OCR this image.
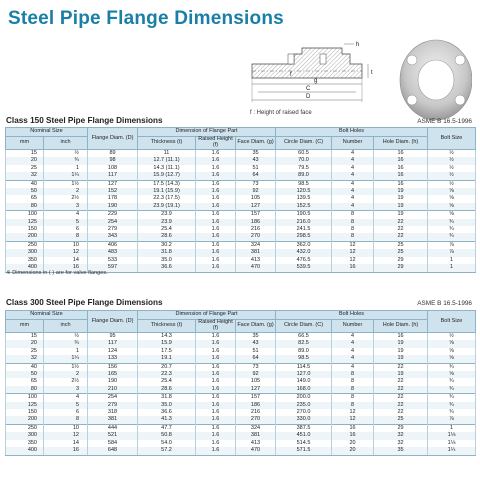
Steel Pipe Flange Dimensions
f
g
C
D
t
h
f : Height of raised face
Class 150 Steel Pipe Flange Dimensions	ASME B 16.5-1996
Nominal Size		Flange Diam. (D)	Dimension of Flange Part			Bolt Holes			Bolt Size
mm	inch		Thickness (t)	Raised Height (f)	Face Diam. (g)	Circle Diam. (C)	Number	Hole Diam. (h)	
15	½	89	11	1.6	35	60.5	4	16	½
20	¾	98	12.7 (11.1)	1.6	43	70.0	4	16	½
25	1	108	14.3 (11.1)	1.6	51	79.5	4	16	½
32	1¼	117	15.9 (12.7)	1.6	64	89.0	4	16	½
40	1½	127	17.5 (14.3)	1.6	73	98.5	4	16	½
50	2	152	19.1 (15.9)	1.6	92	120.5	4	19	⅝
65	2½	178	22.3 (17.5)	1.6	105	139.5	4	19	⅝
80	3	190	23.9 (19.1)	1.6	127	152.5	4	19	⅝
100	4	229	23.9	1.6	157	190.5	8	19	⅝
125	5	254	23.9	1.6	186	216.0	8	22	¾
150	6	279	25.4	1.6	216	241.5	8	22	¾
200	8	343	28.6	1.6	270	298.5	8	22	¾
250	10	406	30.2	1.6	324	362.0	12	25	⅞
300	12	483	31.8	1.6	381	432.0	12	25	⅞
350	14	533	35.0	1.6	413	476.5	12	29	1
400	16	597	36.6	1.6	470	539.5	16	29	1
※ Dimensions in ( ) are for valve flanges.
Class 300 Steel Pipe Flange Dimensions	ASME B 16.5-1996
Nominal Size		Flange Diam. (D)	Dimension of Flange Part			Bolt Holes			Bolt Size
mm	inch		Thickness (t)	Raised Height (f)	Face Diam. (g)	Circle Diam. (C)	Number	Hole Diam. (h)	
15	½	95	14.3	1.6	35	66.5	4	16	½
20	¾	117	15.9	1.6	43	82.5	4	19	⅝
25	1	124	17.5	1.6	51	89.0	4	19	⅝
32	1¼	133	19.1	1.6	64	98.5	4	19	⅝
40	1½	156	20.7	1.6	73	114.5	4	22	¾
50	2	165	22.3	1.6	92	127.0	8	19	⅝
65	2½	190	25.4	1.6	105	149.0	8	22	¾
80	3	210	28.6	1.6	127	168.0	8	22	¾
100	4	254	31.8	1.6	157	200.0	8	22	¾
125	5	279	35.0	1.6	186	235.0	8	22	¾
150	6	318	36.6	1.6	216	270.0	12	22	¾
200	8	381	41.3	1.6	270	330.0	12	25	⅞
250	10	444	47.7	1.6	324	387.5	16	29	1
300	12	521	50.8	1.6	381	451.0	16	32	1⅛
350	14	584	54.0	1.6	413	514.5	20	32	1⅛
400	16	648	57.2	1.6	470	571.5	20	35	1¼
